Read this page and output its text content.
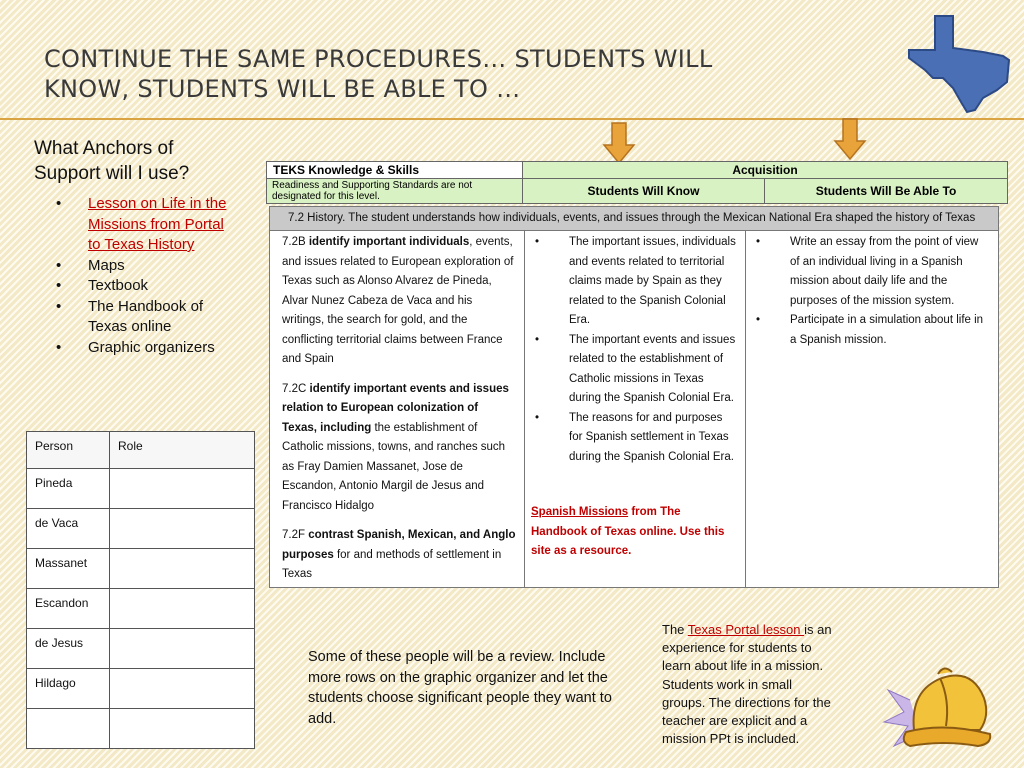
CONTINUE THE SAME PROCEDURES… STUDENTS WILL KNOW, STUDENTS WILL BE ABLE TO …
What Anchors of Support will I use?
• Lesson on Life in the Missions from Portal to Texas History
• Maps
• Textbook
• The Handbook of Texas online
• Graphic organizers
Person	Role
Pineda	
de Vaca	
Massanet	
Escandon	
de Jesus	
Hildago	

TEKS Knowledge & Skills	Acquisition	
Readiness and Supporting Standards are not designated for this level.	Students Will Know	Students Will Be Able To
7.2 History. The student understands how individuals, events, and issues through the Mexican National Era shaped the history of Texas

7.2B identify important individuals, events, and issues related to European exploration of Texas such as Alonso Alvarez de Pineda, Alvar Nunez Cabeza de Vaca and his writings, the search for gold, and the conflicting territorial claims between France and Spain

7.2C identify important events and issues relation to European colonization of Texas, including the establishment of Catholic missions, towns, and ranches such as Fray Damien Massanet, Jose de Escandon, Antonio Margil de Jesus and Francisco Hidalgo

7.2F contrast Spanish, Mexican, and Anglo purposes for and methods of settlement in Texas

• The important issues, individuals and events related to territorial claims made by Spain as they related to the Spanish Colonial Era.
• The important events and issues related to the establishment of Catholic missions in Texas during the Spanish Colonial Era.
• The reasons for and purposes for Spanish settlement in Texas during the Spanish Colonial Era.
Spanish Missions from The Handbook of Texas online. Use this site as a resource.

• Write an essay from the point of view of an individual living in a Spanish mission about daily life and the purposes of the mission system.
• Participate in a simulation about life in a Spanish mission.
Some of these people will be a review. Include more rows on the graphic organizer and let the students choose significant people they want to add.
The Texas Portal lesson is an experience for students to learn about life in a mission. Students work in small groups. The directions for the teacher are explicit and a mission PPt is included.
